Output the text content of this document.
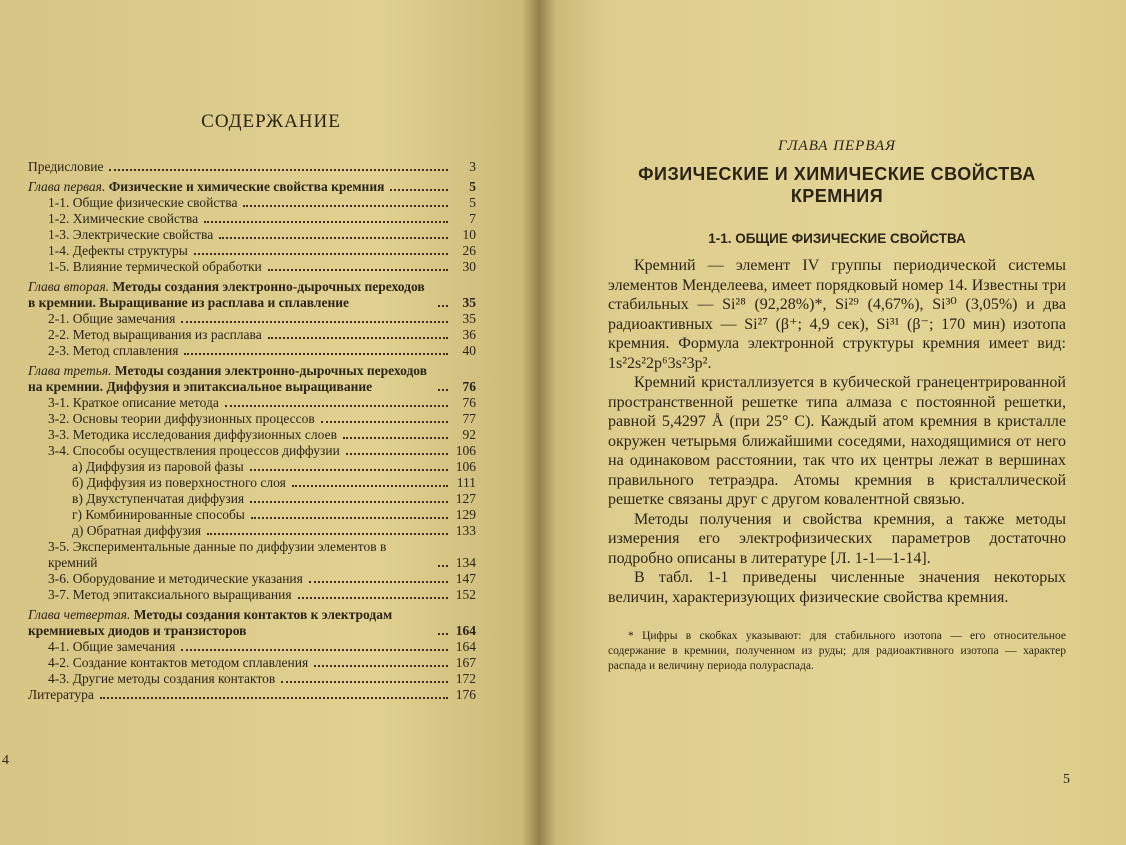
СОДЕРЖАНИЕ
Предисловие	3
Глава первая. Физические и химические свойства кремния	5
1-1. Общие физические свойства	5
1-2. Химические свойства	7
1-3. Электрические свойства	10
1-4. Дефекты структуры	26
1-5. Влияние термической обработки	30
Глава вторая. Методы создания электронно-дырочных переходов в кремнии. Выращивание из расплава и сплавление	35
2-1. Общие замечания	35
2-2. Метод выращивания из расплава	36
2-3. Метод сплавления	40
Глава третья. Методы создания электронно-дырочных переходов на кремнии. Диффузия и эпитаксиальное выращивание	76
3-1. Краткое описание метода	76
3-2. Основы теории диффузионных процессов	77
3-3. Методика исследования диффузионных слоев	92
3-4. Способы осуществления процессов диффузии	106
а) Диффузия из паровой фазы	106
б) Диффузия из поверхностного слоя	111
в) Двухступенчатая диффузия	127
г) Комбинированные способы	129
д) Обратная диффузия	133
3-5. Экспериментальные данные по диффузии элементов в кремний	134
3-6. Оборудование и методические указания	147
3-7. Метод эпитаксиального выращивания	152
Глава четвертая. Методы создания контактов к электродам кремниевых диодов и транзисторов	164
4-1. Общие замечания	164
4-2. Создание контактов методом сплавления	167
4-3. Другие методы создания контактов	172
Литература	176
4
ГЛАВА ПЕРВАЯ
ФИЗИЧЕСКИЕ И ХИМИЧЕСКИЕ СВОЙСТВА КРЕМНИЯ
1-1. ОБЩИЕ ФИЗИЧЕСКИЕ СВОЙСТВА

Кремний — элемент IV группы периодической системы элементов Менделеева, имеет порядковый номер 14. Известны три стабильных — Si²⁸ (92,28%)*, Si²⁹ (4,67%), Si³⁰ (3,05%) и два радиоактивных — Si²⁷ (β⁺; 4,9 сек), Si³¹ (β⁻; 170 мин) изотопа кремния. Формула электронной структуры кремния имеет вид: 1s²2s²2p⁶3s²3p².

Кремний кристаллизуется в кубической гранецентрированной пространственной решетке типа алмаза с постоянной решетки, равной 5,4297 Å (при 25° С). Каждый атом кремния в кристалле окружен четырьмя ближайшими соседями, находящимися от него на одинаковом расстоянии, так что их центры лежат в вершинах правильного тетраэдра. Атомы кремния в кристаллической решетке связаны друг с другом ковалентной связью.

Методы получения и свойства кремния, а также методы измерения его электрофизических параметров достаточно подробно описаны в литературе [Л. 1-1—1-14].

В табл. 1-1 приведены численные значения некоторых величин, характеризующих физические свойства кремния.

* Цифры в скобках указывают: для стабильного изотопа — его относительное содержание в кремнии, полученном из руды; для радиоактивного изотопа — характер распада и величину периода полураспада.
5
